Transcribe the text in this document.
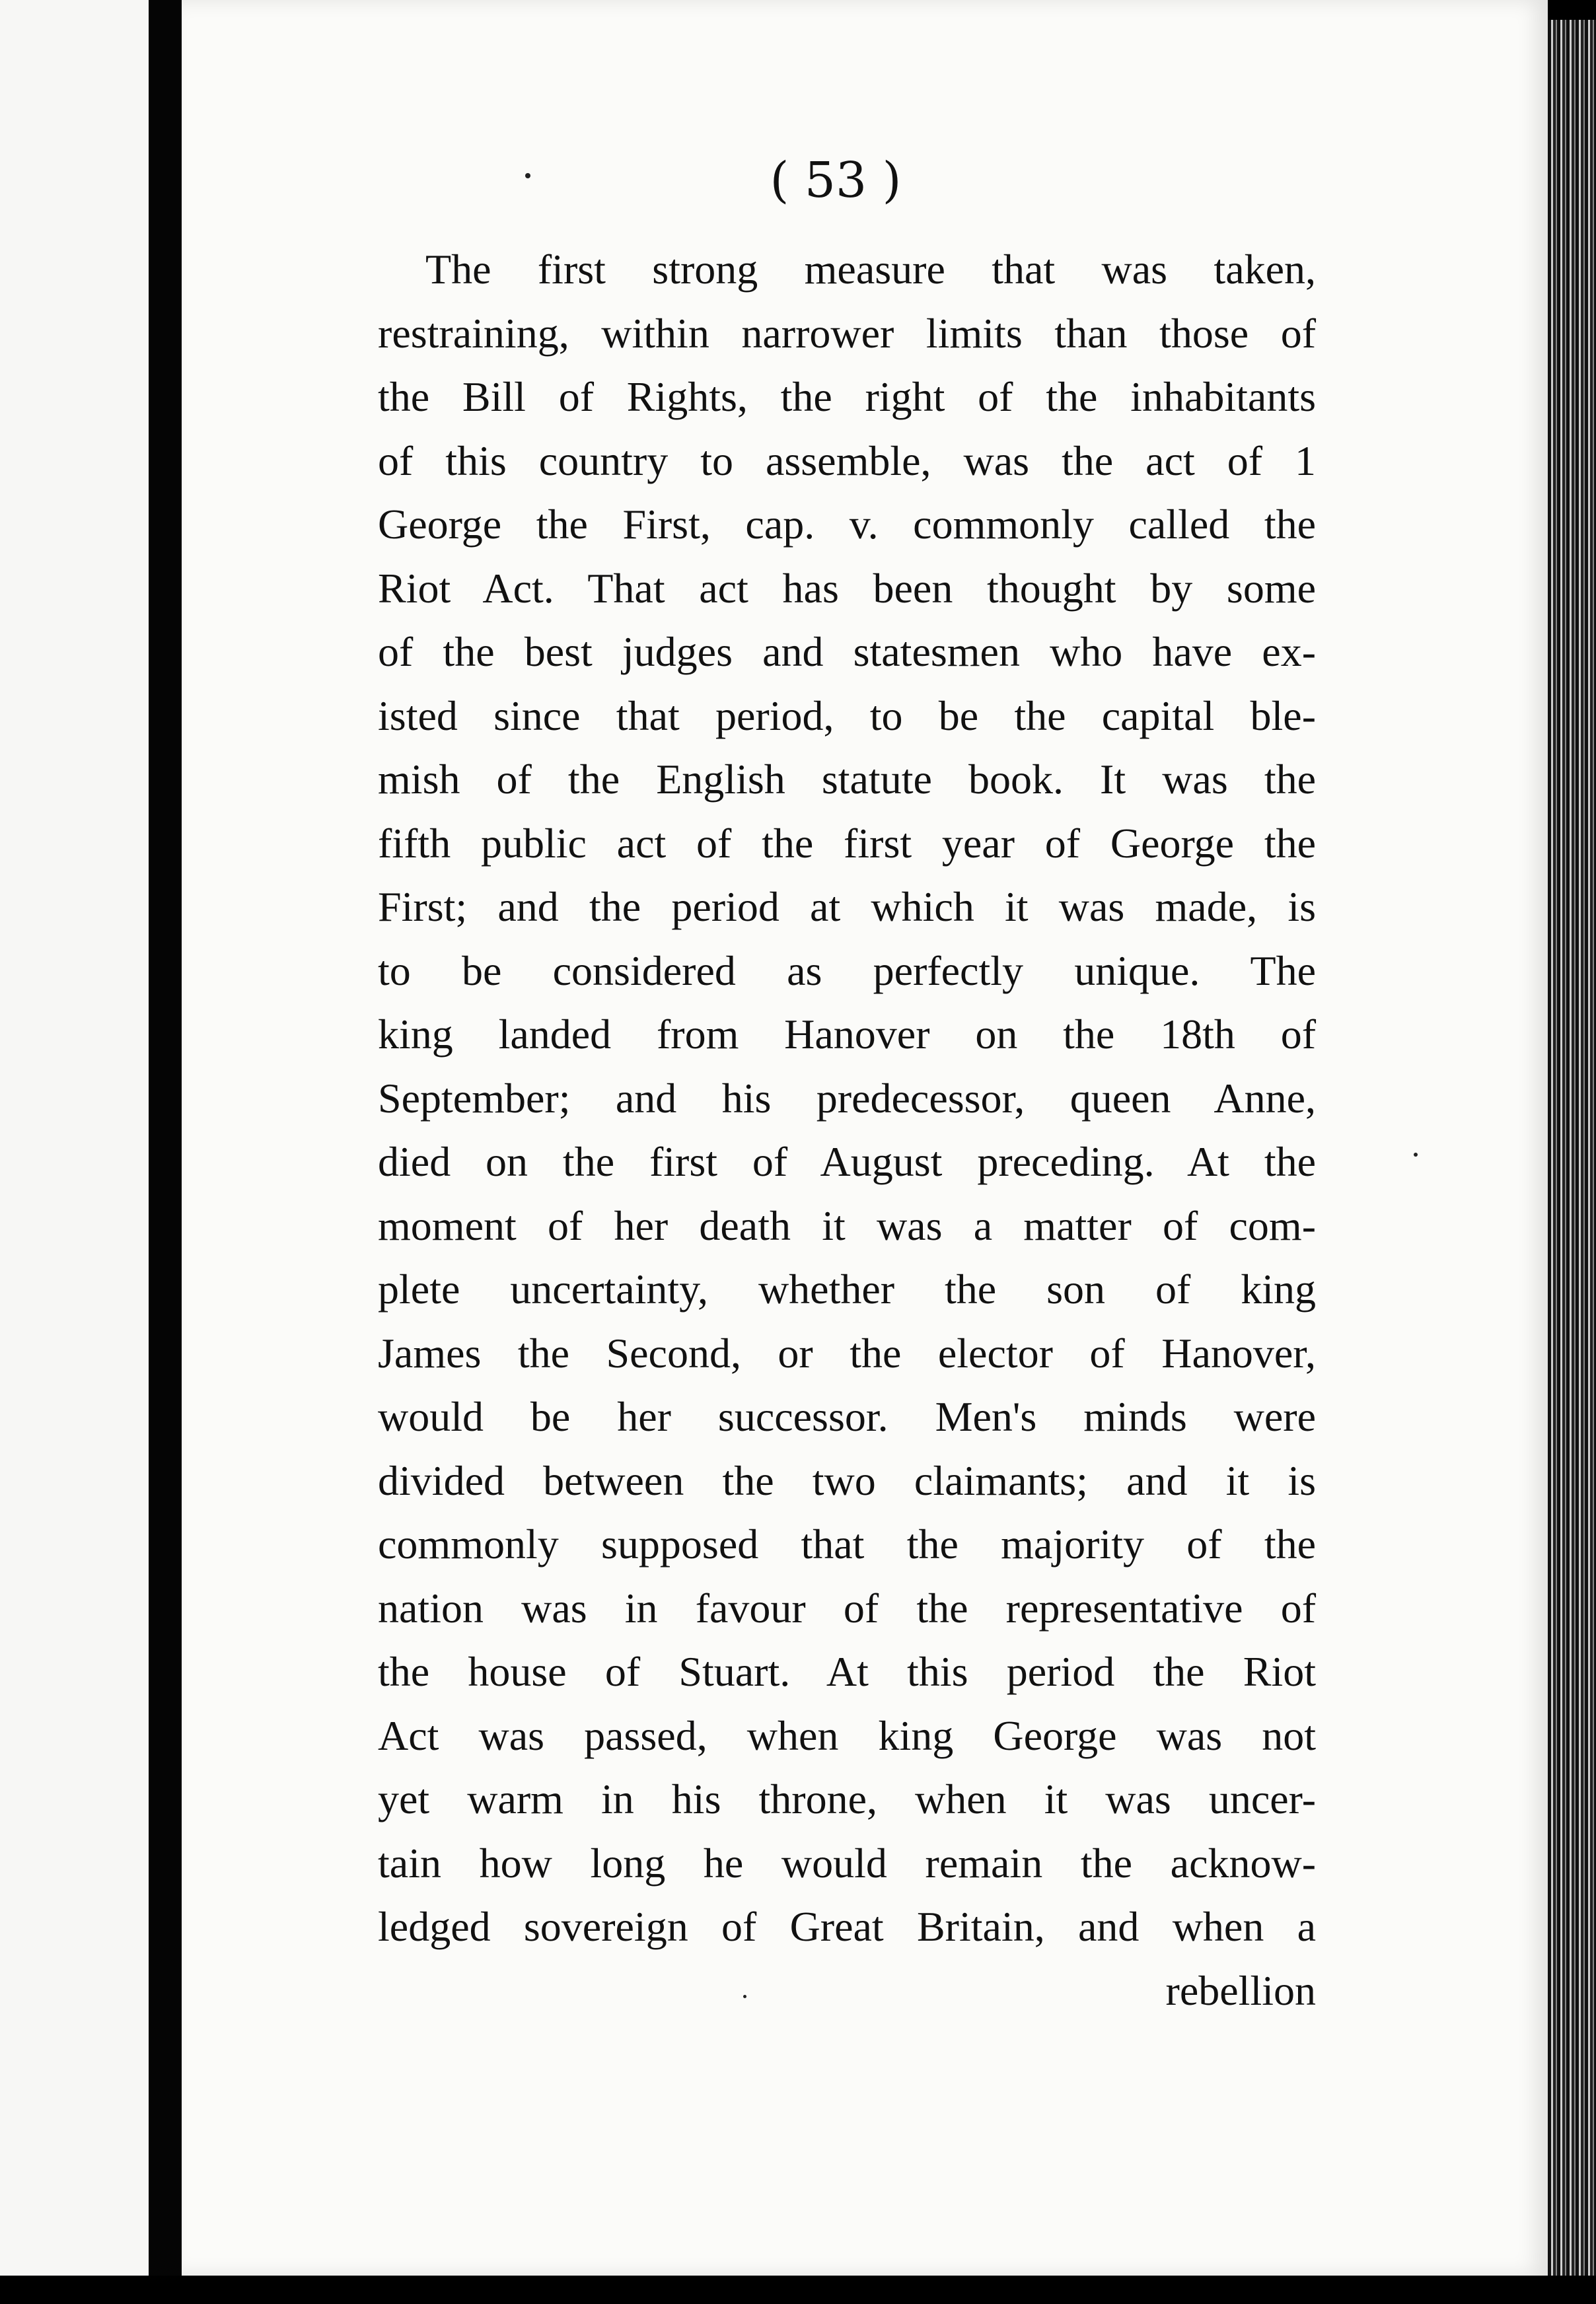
( 53 )
The first strong measure that was taken,
restraining, within narrower limits than those of
the Bill of Rights, the right of the inhabitants
of this country to assemble, was the act of 1
George the First, cap. v. commonly called the
Riot Act. That act has been thought by some
of the best judges and statesmen who have ex-
isted since that period, to be the capital ble-
mish of the English statute book. It was the
fifth public act of the first year of George the
First; and the period at which it was made, is
to be considered as perfectly unique. The
king landed from Hanover on the 18th of
September; and his predecessor, queen Anne,
died on the first of August preceding. At the
moment of her death it was a matter of com-
plete uncertainty, whether the son of king
James the Second, or the elector of Hanover,
would be her successor. Men's minds were
divided between the two claimants; and it is
commonly supposed that the majority of the
nation was in favour of the representative of
the house of Stuart. At this period the Riot
Act was passed, when king George was not
yet warm in his throne, when it was uncer-
tain how long he would remain the acknow-
ledged sovereign of Great Britain, and when a
rebellion
